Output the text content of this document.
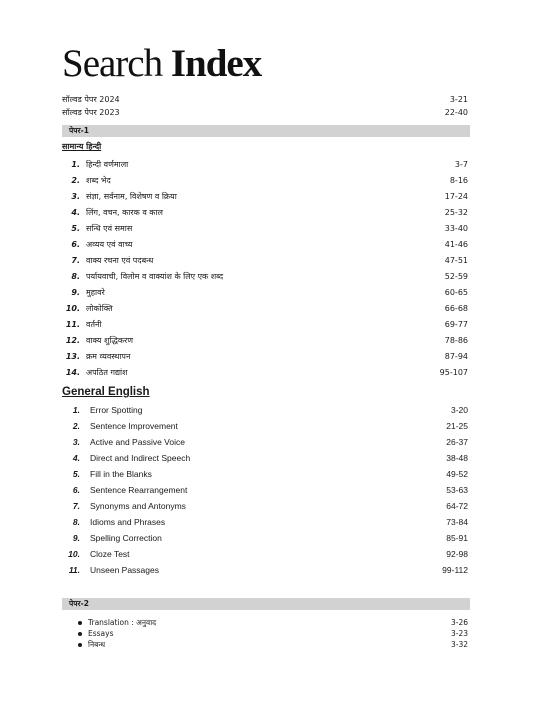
Search Index
सॉल्वड पेपर 2024	3-21
सॉल्वड पेपर 2023	22-40
पेपर-1
सामान्य हिन्दी
1. हिन्दी वर्णमाला	3-7
2. शब्द भेद	8-16
3. संज्ञा, सर्वनाम, विशेषण व क्रिया	17-24
4. लिंग, वचन, कारक व काल	25-32
5. सन्धि एवं समास	33-40
6. अव्यय एवं वाच्य	41-46
7. वाक्य रचना एवं पदबन्ध	47-51
8. पर्यायवाची, विलोम व वाक्यांश के लिए एक शब्द	52-59
9. मुहावरे	60-65
10. लोकोक्ति	66-68
11. वर्तनी	69-77
12. वाक्य शुद्धिकरण	78-86
13. क्रम व्यवस्थापन	87-94
14. अपठित गद्यांश	95-107
General English
1. Error Spotting	3-20
2. Sentence Improvement	21-25
3. Active and Passive Voice	26-37
4. Direct and Indirect Speech	38-48
5. Fill in the Blanks	49-52
6. Sentence Rearrangement	53-63
7. Synonyms and Antonyms	64-72
8. Idioms and Phrases	73-84
9. Spelling Correction	85-91
10. Cloze Test	92-98
11. Unseen Passages	99-112
पेपर-2
Translation : अनुवाद	3-26
Essays	3-23
निबन्ध	3-32
